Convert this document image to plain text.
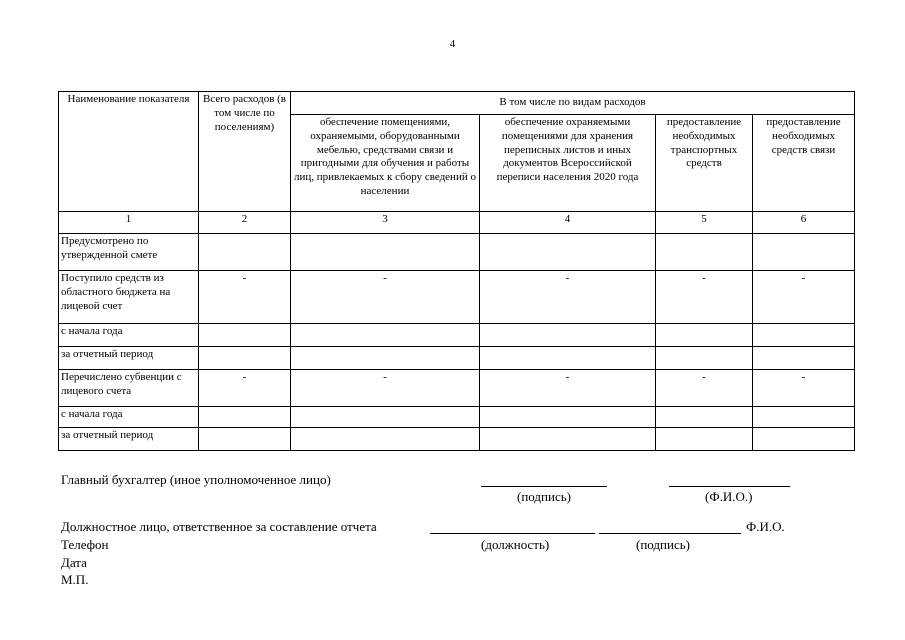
4
Наименование показателя	Всего расходов (в том числе по поселениям)	В том числе по видам расходов			
		обеспечение помещениями, охраняемыми, оборудованными мебелью, средствами связи и пригодными для обучения и работы лиц, привлекаемых к сбору сведений о населении	обеспечение охраняемыми помещениями для хранения переписных листов и иных документов Всероссийской переписи населения 2020 года	предоставление необходимых транспортных средств	предоставление необходимых средств связи
1	2	3	4	5	6
Предусмотрено по утвержденной смете					
Поступило средств из областного бюджета на лицевой счет	-	-	-	-	-
с начала года					
за отчетный период					
Перечислено субвенции с лицевого счета	-	-	-	-	-
с начала года					
за отчетный период					
Главный бухгалтер (иное уполномоченное лицо)
(подпись)	(Ф.И.О.)
Должностное лицо, ответственное за составление отчета	Ф.И.О.
(должность)	(подпись)
Телефон
Дата
М.П.
